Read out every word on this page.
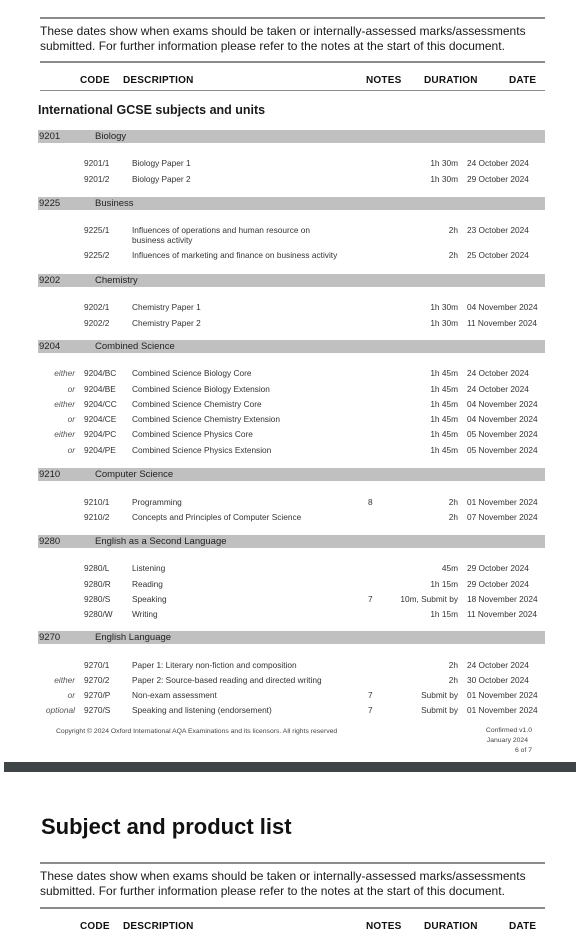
These dates show when exams should be taken or internally-assessed marks/assessments submitted. For further information please refer to the notes at the start of this document.
CODE DESCRIPTION	NOTES DURATION	DATE
International GCSE subjects and units
9201	Biology
9201/1	Biology Paper 1	1h 30m 24 October 2024
9201/2	Biology Paper 2	1h 30m 29 October 2024
9225	Business
9225/1	Influences of operations and human resource on	2h 23 October 2024
business activity
9225/2	Influences of marketing and finance on business activity	2h 25 October 2024
9202	Chemistry
9202/1	Chemistry Paper 1	1h 30m 04 November 2024
9202/2	Chemistry Paper 2	1h 30m 11 November 2024
9204	Combined Science
either 9204/BC Combined Science Biology Core	1h 45m 24 October 2024
or 9204/BE Combined Science Biology Extension	1h 45m 24 October 2024
either 9204/CC Combined Science Chemistry Core	1h 45m 04 November 2024
or 9204/CE Combined Science Chemistry Extension	1h 45m 04 November 2024
either 9204/PC Combined Science Physics Core	1h 45m 05 November 2024
or 9204/PE Combined Science Physics Extension	1h 45m 05 November 2024
9210	Computer Science
9210/1	Programming	8	2h 01 November 2024
9210/2	Concepts and Principles of Computer Science	2h 07 November 2024
9280	English as a Second Language
9280/L	Listening	45m 29 October 2024
9280/R	Reading	1h 15m 29 October 2024
9280/S	Speaking	7	10m, Submit by 18 November 2024
9280/W Writing	1h 15m 11 November 2024
9270	English Language
9270/1	Paper 1: Literary non-fiction and composition	2h 24 October 2024
either 9270/2	Paper 2: Source-based reading and directed writing	2h 30 October 2024
or 9270/P	Non-exam assessment	7	Submit by 01 November 2024
optional 9270/S	Speaking and listening (endorsement)	7	Submit by 01 November 2024
Copyright © 2024 Oxford International AQA Examinations and its licensors. All rights reserved	Confirmed v1.0
January 2024
6 of 7
Subject and product list
These dates show when exams should be taken or internally-assessed marks/assessments submitted. For further information please refer to the notes at the start of this document.
CODE DESCRIPTION	NOTES DURATION	DATE
